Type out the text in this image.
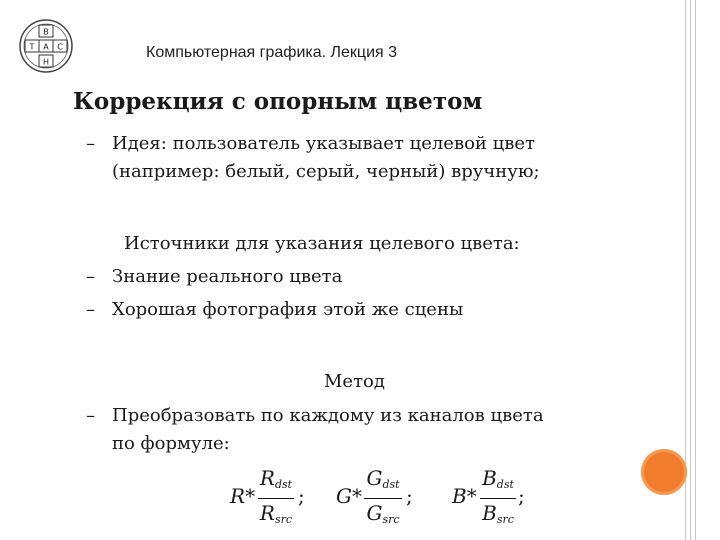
В
Т А С
Н
Компьютерная графика. Лекция 3
Коррекция с опорным цветом
– Идея: пользователь указывает целевой цвет
(например: белый, серый, черный) вручную;
Источники для указания целевого цвета:
– Знание реального цвета
– Хорошая фотография этой же сцены
Метод
– Преобразовать по каждому из каналов цвета
по формуле:
R*
$R_{dst}$
$R_{src}$
; G*
$G_{dst}$
$G_{src}$
; B*
$B_{dst}$
$B_{src}$
;
